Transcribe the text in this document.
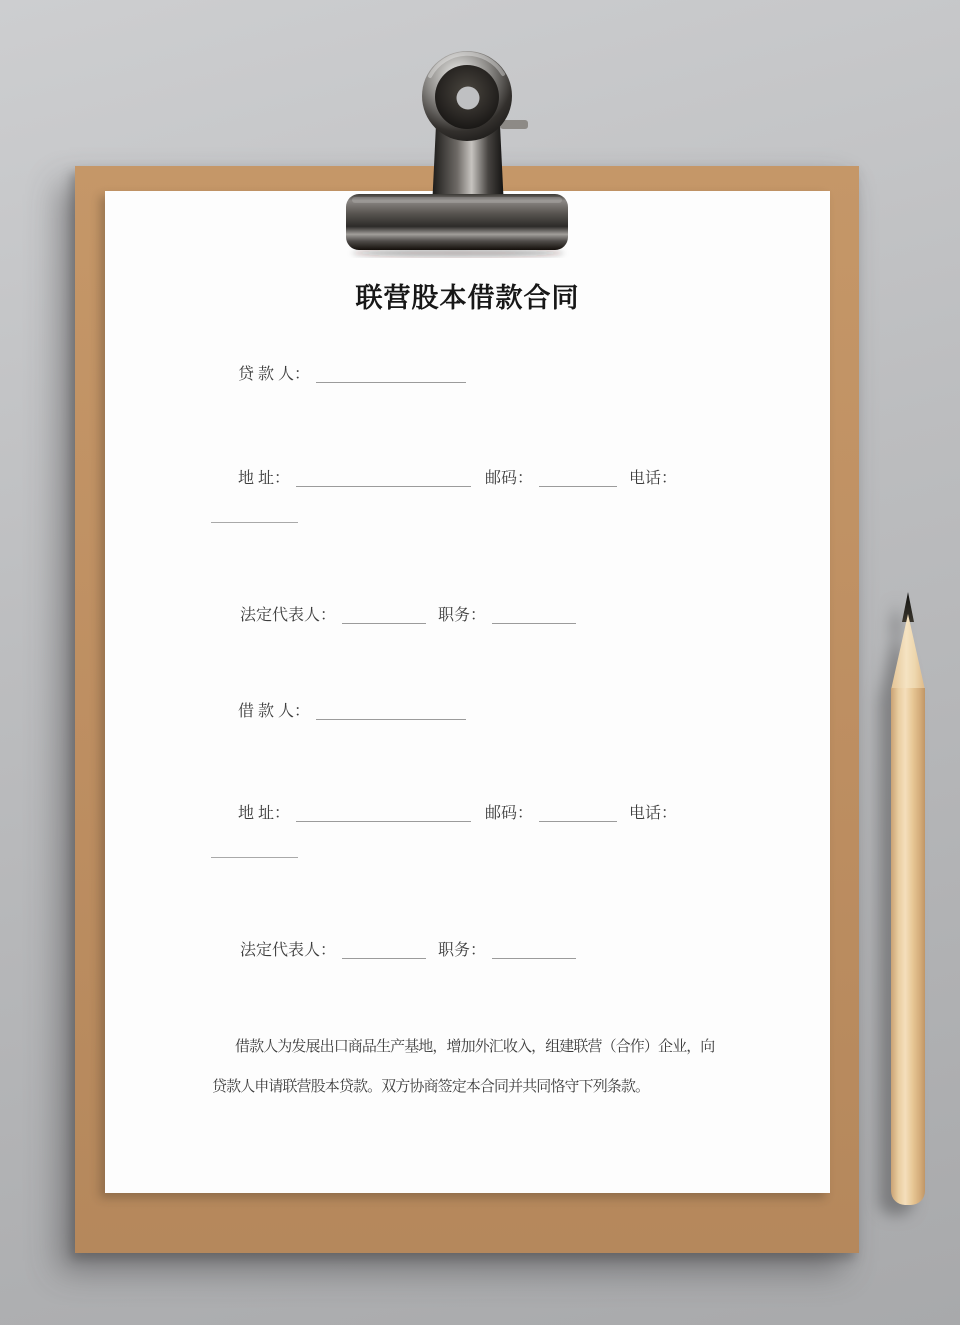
联营股本借款合同
贷 款 人：
地 址：	邮码：	电话：
法定代表人：	职务：
借 款 人：
地 址：	邮码：	电话：
法定代表人：	职务：
借款人为发展出口商品生产基地，增加外汇收入，组建联营（合作）企业，向
贷款人申请联营股本贷款。双方协商签定本合同并共同恪守下列条款。
